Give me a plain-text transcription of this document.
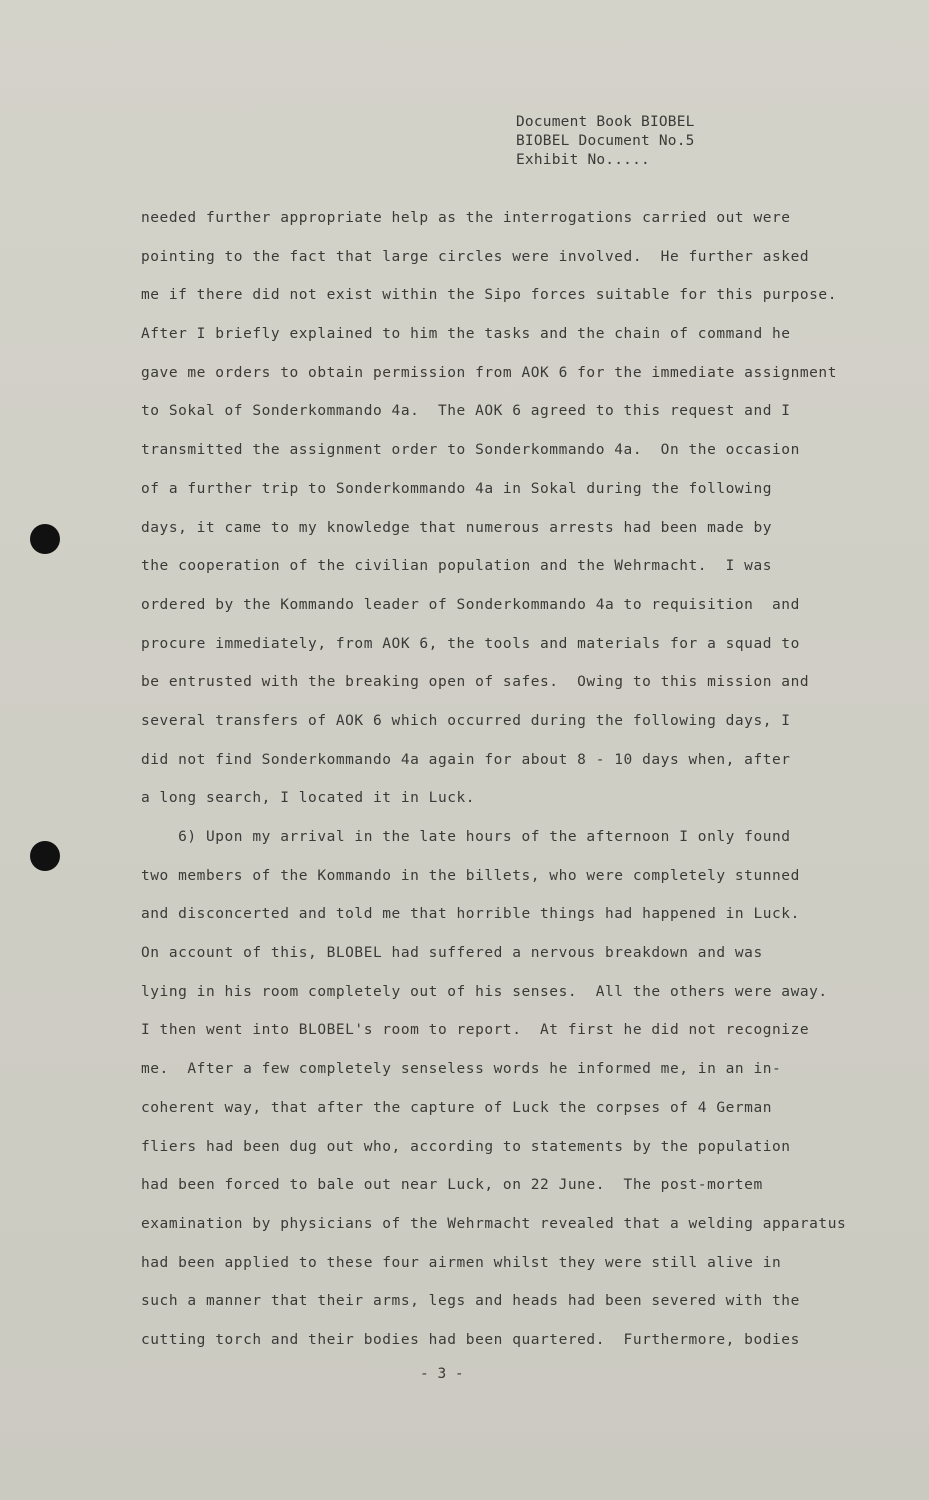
Document Book BIOBEL
BIOBEL Document No.5
Exhibit No.....
needed further appropriate help as the interrogations carried out were
pointing to the fact that large circles were involved.  He further asked
me if there did not exist within the Sipo forces suitable for this purpose.
After I briefly explained to him the tasks and the chain of command he
gave me orders to obtain permission from AOK 6 for the immediate assignment
to Sokal of Sonderkommando 4a.  The AOK 6 agreed to this request and I
transmitted the assignment order to Sonderkommando 4a.  On the occasion
of a further trip to Sonderkommando 4a in Sokal during the following
days, it came to my knowledge that numerous arrests had been made by
the cooperation of the civilian population and the Wehrmacht.  I was
ordered by the Kommando leader of Sonderkommando 4a to requisition  and
procure immediately, from AOK 6, the tools and materials for a squad to
be entrusted with the breaking open of safes.  Owing to this mission and
several transfers of AOK 6 which occurred during the following days, I
did not find Sonderkommando 4a again for about 8 - 10 days when, after
a long search, I located it in Luck.
6) Upon my arrival in the late hours of the afternoon I only found
two members of the Kommando in the billets, who were completely stunned
and disconcerted and told me that horrible things had happened in Luck.
On account of this, BLOBEL had suffered a nervous breakdown and was
lying in his room completely out of his senses.  All the others were away.
I then went into BLOBEL's room to report.  At first he did not recognize
me.  After a few completely senseless words he informed me, in an in-
coherent way, that after the capture of Luck the corpses of 4 German
fliers had been dug out who, according to statements by the population
had been forced to bale out near Luck, on 22 June.  The post-mortem
examination by physicians of the Wehrmacht revealed that a welding apparatus
had been applied to these four airmen whilst they were still alive in
such a manner that their arms, legs and heads had been severed with the
cutting torch and their bodies had been quartered.  Furthermore, bodies
- 3 -
